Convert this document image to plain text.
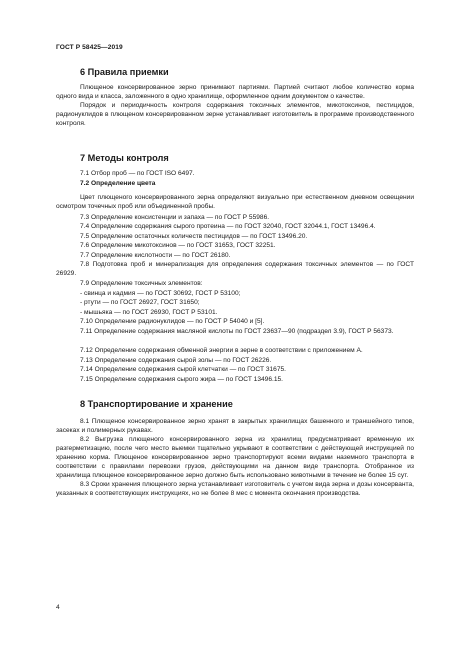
ГОСТ Р 58425—2019
6 Правила приемки

Плющеное консервированное зерно принимают партиями. Партией считают любое количество корма одного вида и класса, заложенного в одно хранилище, оформленное одним документом о качестве.

Порядок и периодичность контроля содержания токсичных элементов, микотоксинов, пестицидов, радионуклидов в плющеном консервированном зерне устанавливает изготовитель в программе производственного контроля.

7 Методы контроля
7.1 Отбор проб — по ГОСТ ISO 6497.
7.2 Определение цвета

Цвет плющеного консервированного зерна определяют визуально при естественном дневном освещении осмотром точечных проб или объединенной пробы.

7.3 Определение консистенции и запаха — по ГОСТ Р 55986.
7.4 Определение содержания сырого протеина — по ГОСТ 32040, ГОСТ 32044.1, ГОСТ 13496.4.
7.5 Определение остаточных количеств пестицидов — по ГОСТ 13496.20.
7.6 Определение микотоксинов — по ГОСТ 31653, ГОСТ 32251.
7.7 Определение кислотности — по ГОСТ 26180.

7.8 Подготовка проб и минерализация для определения содержания токсичных элементов — по ГОСТ 26929.

7.9 Определение токсичных элементов:
- свинца и кадмия — по ГОСТ 30692, ГОСТ Р 53100;
- ртути — по ГОСТ 26927, ГОСТ 31650;
- мышьяка — по ГОСТ 26930, ГОСТ Р 53101.
7.10 Определение радионуклидов — по ГОСТ Р 54040 и [5].

7.11 Определение содержания масляной кислоты по ГОСТ 23637—90 (подраздел 3.9), ГОСТ Р 56373.

7.12 Определение содержания обменной энергии в зерне в соответствии с приложением А.
7.13 Определение содержания сырой золы — по ГОСТ 26226.
7.14 Определение содержания сырой клетчатки — по ГОСТ 31675.
7.15 Определение содержания сырого жира — по ГОСТ 13496.15.
8 Транспортирование и хранение

8.1 Плющеное консервированное зерно хранят в закрытых хранилищах башенного и траншейного типов, засеках и полимерных рукавах.

8.2 Выгрузка плющеного консервированного зерна из хранилищ предусматривает временную их разгерметизацию, после чего место выемки тщательно укрывают в соответствии с действующей инструкцией по хранению корма. Плющеное консервированное зерно транспортируют всеми видами наземного транспорта в соответствии с правилами перевозки грузов, действующими на данном виде транспорта. Отобранное из хранилища плющеное консервированное зерно должно быть использовано животными в течение не более 15 сут.

8.3 Сроки хранения плющеного зерна устанавливает изготовитель с учетом вида зерна и дозы консерванта, указанных в соответствующих инструкциях, но не более 8 мес с момента окончания производства.

4
